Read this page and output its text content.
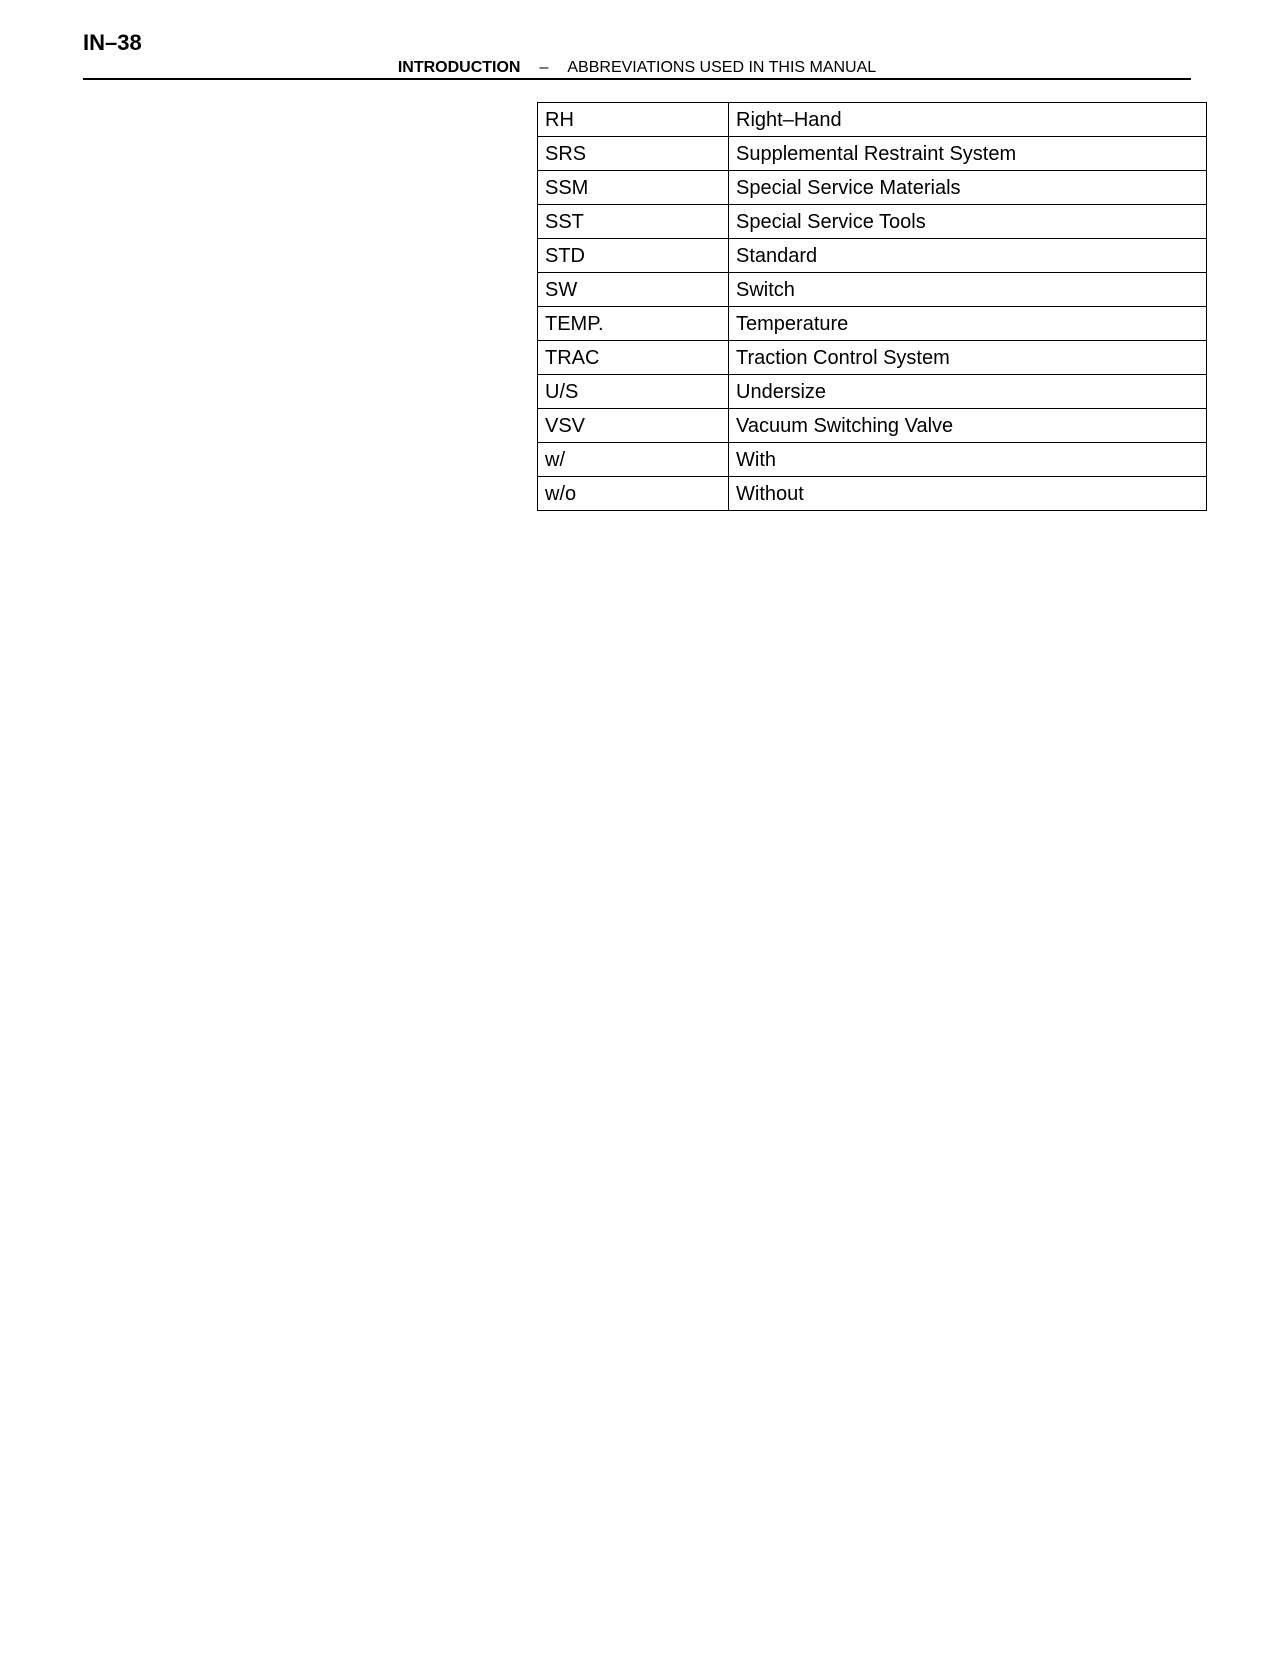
IN–38
INTRODUCTION – ABBREVIATIONS USED IN THIS MANUAL
RH	Right–Hand
SRS	Supplemental Restraint System
SSM	Special Service Materials
SST	Special Service Tools
STD	Standard
SW	Switch
TEMP.	Temperature
TRAC	Traction Control System
U/S	Undersize
VSV	Vacuum Switching Valve
w/	With
w/o	Without
